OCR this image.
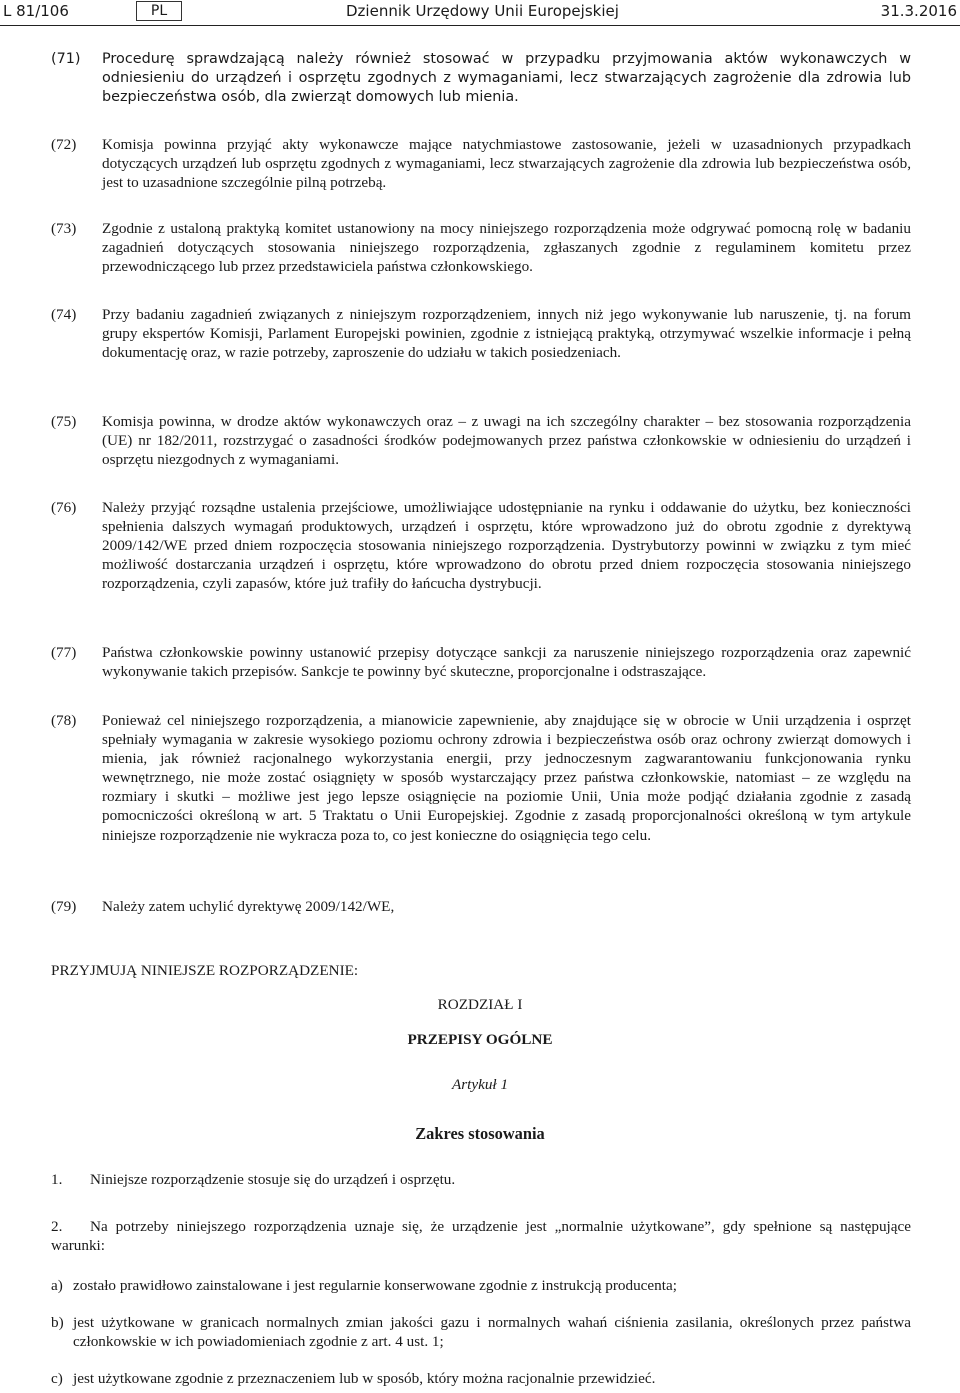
L 81/106	PL	Dziennik Urzędowy Unii Europejskiej	31.3.2016
(71)	Procedurę sprawdzającą należy również stosować w przypadku przyjmowania aktów wykonawczych w odniesieniu do urządzeń i osprzętu zgodnych z wymaganiami, lecz stwarzających zagrożenie dla zdrowia lub bezpieczeństwa osób, dla zwierząt domowych lub mienia.
(72)	Komisja powinna przyjąć akty wykonawcze mające natychmiastowe zastosowanie, jeżeli w uzasadnionych przypadkach dotyczących urządzeń lub osprzętu zgodnych z wymaganiami, lecz stwarzających zagrożenie dla zdrowia lub bezpieczeństwa osób, jest to uzasadnione szczególnie pilną potrzebą.
(73)	Zgodnie z ustaloną praktyką komitet ustanowiony na mocy niniejszego rozporządzenia może odgrywać pomocną rolę w badaniu zagadnień dotyczących stosowania niniejszego rozporządzenia, zgłaszanych zgodnie z regulaminem komitetu przez przewodniczącego lub przez przedstawiciela państwa członkowskiego.
(74)	Przy badaniu zagadnień związanych z niniejszym rozporządzeniem, innych niż jego wykonywanie lub naruszenie, tj. na forum grupy ekspertów Komisji, Parlament Europejski powinien, zgodnie z istniejącą praktyką, otrzymywać wszelkie informacje i pełną dokumentację oraz, w razie potrzeby, zaproszenie do udziału w takich posiedzeniach.
(75)	Komisja powinna, w drodze aktów wykonawczych oraz – z uwagi na ich szczególny charakter – bez stosowania rozporządzenia (UE) nr 182/2011, rozstrzygać o zasadności środków podejmowanych przez państwa członkowskie w odniesieniu do urządzeń i osprzętu niezgodnych z wymaganiami.
(76)	Należy przyjąć rozsądne ustalenia przejściowe, umożliwiające udostępnianie na rynku i oddawanie do użytku, bez konieczności spełnienia dalszych wymagań produktowych, urządzeń i osprzętu, które wprowadzono już do obrotu zgodnie z dyrektywą 2009/142/WE przed dniem rozpoczęcia stosowania niniejszego rozporządzenia. Dystrybutorzy powinni w związku z tym mieć możliwość dostarczania urządzeń i osprzętu, które wprowadzono do obrotu przed dniem rozpoczęcia stosowania niniejszego rozporządzenia, czyli zapasów, które już trafiły do łańcucha dystrybucji.
(77)	Państwa członkowskie powinny ustanowić przepisy dotyczące sankcji za naruszenie niniejszego rozporządzenia oraz zapewnić wykonywanie takich przepisów. Sankcje te powinny być skuteczne, proporcjonalne i odstraszające.
(78)	Ponieważ cel niniejszego rozporządzenia, a mianowicie zapewnienie, aby znajdujące się w obrocie w Unii urządzenia i osprzęt spełniały wymagania w zakresie wysokiego poziomu ochrony zdrowia i bezpieczeństwa osób oraz ochrony zwierząt domowych i mienia, jak również racjonalnego wykorzystania energii, przy jednoczesnym zagwarantowaniu funkcjonowania rynku wewnętrznego, nie może zostać osiągnięty w sposób wystarczający przez państwa członkowskie, natomiast – ze względu na rozmiary i skutki – możliwe jest jego lepsze osiągnięcie na poziomie Unii, Unia może podjąć działania zgodnie z zasadą pomocniczości określoną w art. 5 Traktatu o Unii Europejskiej. Zgodnie z zasadą proporcjonalności określoną w tym artykule niniejsze rozporządzenie nie wykracza poza to, co jest konieczne do osiągnięcia tego celu.
(79)	Należy zatem uchylić dyrektywę 2009/142/WE,
PRZYJMUJĄ NINIEJSZE ROZPORZĄDZENIE:
ROZDZIAŁ I
PRZEPISY OGÓLNE
Artykuł 1
Zakres stosowania
1. Niniejsze rozporządzenie stosuje się do urządzeń i osprzętu.
2. Na potrzeby niniejszego rozporządzenia uznaje się, że urządzenie jest „normalnie użytkowane”, gdy spełnione są następujące warunki:
a) zostało prawidłowo zainstalowane i jest regularnie konserwowane zgodnie z instrukcją producenta;
b) jest użytkowane w granicach normalnych zmian jakości gazu i normalnych wahań ciśnienia zasilania, określonych przez państwa członkowskie w ich powiadomieniach zgodnie z art. 4 ust. 1;
c) jest użytkowane zgodnie z przeznaczeniem lub w sposób, który można racjonalnie przewidzieć.
